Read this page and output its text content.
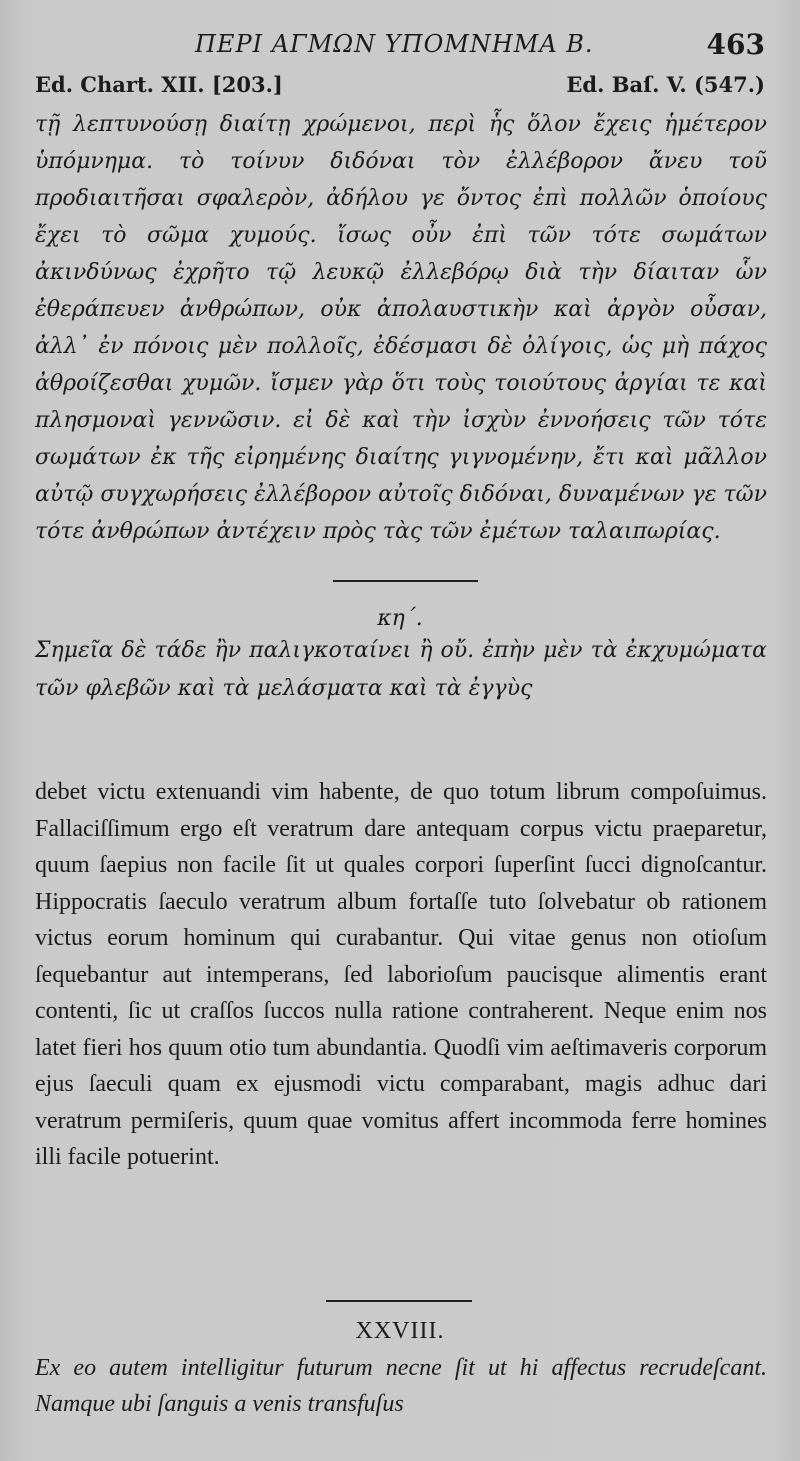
ΠΕΡΙ ΑΓΜΩΝ ΥΠΟΜΝΗΜΑ Β.	463
Ed. Chart. XII. [203.]	Ed. Baſ. V. (547.)

τῇ λεπτυνούσῃ διαίτῃ χρώμενοι, περὶ ἧς ὅλον ἔχεις ἡμέτερον ὑπόμνημα. τὸ τοίνυν διδόναι τὸν ἐλλέβορον ἄνευ τοῦ προδιαιτῆσαι σφαλερὸν, ἀδήλου γε ὄντος ἐπὶ πολλῶν ὁποίους ἔχει τὸ σῶμα χυμούς. ἴσως οὖν ἐπὶ τῶν τότε σωμάτων ἀκινδύνως ἐχρῆτο τῷ λευκῷ ἐλλεβόρῳ διὰ τὴν δίαιταν ὧν ἐθεράπευεν ἀνθρώπων, οὐκ ἀπολαυστικὴν καὶ ἀργὸν οὖσαν, ἀλλ᾽ ἐν πόνοις μὲν πολλοῖς, ἐδέσμασι δὲ ὀλίγοις, ὡς μὴ πάχος ἀθροίζεσθαι χυμῶν. ἴσμεν γὰρ ὅτι τοὺς τοιούτους ἀργίαι τε καὶ πλησμοναὶ γεννῶσιν. εἰ δὲ καὶ τὴν ἰσχὺν ἐννοήσεις τῶν τότε σωμάτων ἐκ τῆς εἰρημένης διαίτης γιγνομένην, ἔτι καὶ μᾶλλον αὐτῷ συγχωρήσεις ἐλλέβορον αὐτοῖς διδόναι, δυναμένων γε τῶν τότε ἀνθρώπων ἀντέχειν πρὸς τὰς τῶν ἐμέτων ταλαιπωρίας.

κη΄.

Σημεῖα δὲ τάδε ἢν παλιγκοταίνει ἢ οὔ. ἐπὴν μὲν τὰ ἐκχυμώματα τῶν φλεβῶν καὶ τὰ μελάσματα καὶ τὰ ἐγγὺς

debet victu extenuandi vim habente, de quo totum librum compoſuimus. Fallaciſſimum ergo eſt veratrum dare antequam corpus victu praeparetur, quum ſaepius non facile ſit ut quales corpori ſuperſint ſucci dignoſcantur. Hippocratis ſaeculo veratrum album fortaſſe tuto ſolvebatur ob rationem victus eorum hominum qui curabantur. Qui vitae genus non otioſum ſequebantur aut intemperans, ſed laborioſum paucisque alimentis erant contenti, ſic ut craſſos ſuccos nulla ratione contraherent. Neque enim nos latet fieri hos quum otio tum abundantia. Quodſi vim aeſtimaveris corporum ejus ſaeculi quam ex ejusmodi victu comparabant, magis adhuc dari veratrum permiſeris, quum quae vomitus affert incommoda ferre homines illi facile potuerint.

XXVIII.

Ex eo autem intelligitur futurum necne ſit ut hi affectus recrudeſcant. Namque ubi ſanguis a venis transfuſus
